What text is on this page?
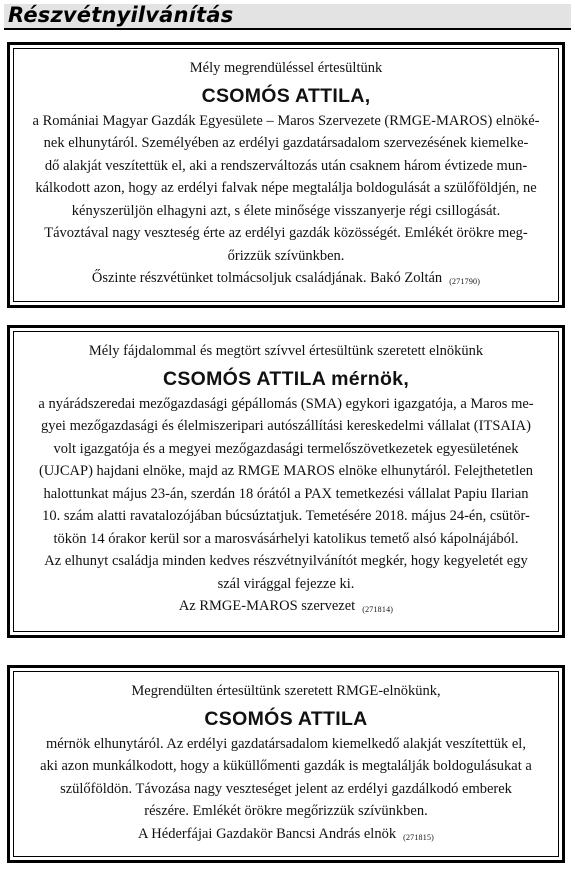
Részvétnyilvánítás
Mély megrendüléssel értesültünk
CSOMÓS ATTILA,
a Romániai Magyar Gazdák Egyesülete – Maros Szervezete (RMGE-MAROS) elnöké-
nek elhunytáról. Személyében az erdélyi gazdatársadalom szervezésének kiemelke-
dő alakját veszítettük el, aki a rendszerváltozás után csaknem három évtizede mun-
kálkodott azon, hogy az erdélyi falvak népe megtalálja boldogulását a szülőföldjén, ne
kényszerüljön elhagyni azt, s élete minősége visszanyerje régi csillogását.
Távoztával nagy veszteség érte az erdélyi gazdák közösségét. Emlékét örökre meg-
őrizzük szívünkben.
Őszinte részvétünket tolmácsoljuk családjának. Bakó Zoltán (271790)
Mély fájdalommal és megtört szívvel értesültünk szeretett elnökünk
CSOMÓS ATTILA mérnök,
a nyárádszeredai mezőgazdasági gépállomás (SMA) egykori igazgatója, a Maros me-
gyei mezőgazdasági és élelmiszeripari autószállítási kereskedelmi vállalat (ITSAIA)
volt igazgatója és a megyei mezőgazdasági termelőszövetkezetek egyesületének
(UJCAP) hajdani elnöke, majd az RMGE MAROS elnöke elhunytáról. Felejthetetlen
halottunkat május 23-án, szerdán 18 órától a PAX temetkezési vállalat Papiu Ilarian
10. szám alatti ravatalozójában búcsúztatjuk. Temetésére 2018. május 24-én, csütör-
tökön 14 órakor kerül sor a marosvásárhelyi katolikus temető alsó kápolnájából.
Az elhunyt családja minden kedves részvétnyilvánítót megkér, hogy kegyeletét egy
szál virággal fejezze ki.
Az RMGE-MAROS szervezet (271814)
Megrendülten értesültünk szeretett RMGE-elnökünk,
CSOMÓS ATTILA
mérnök elhunytáról. Az erdélyi gazdatársadalom kiemelkedő alakját veszítettük el,
aki azon munkálkodott, hogy a küküllőmenti gazdák is megtalálják boldogulásukat a
szülőföldön. Távozása nagy veszteséget jelent az erdélyi gazdálkodó emberek
részére. Emlékét örökre megőrizzük szívünkben.
A Héderfájai Gazdakör Bancsi András elnök (271815)
